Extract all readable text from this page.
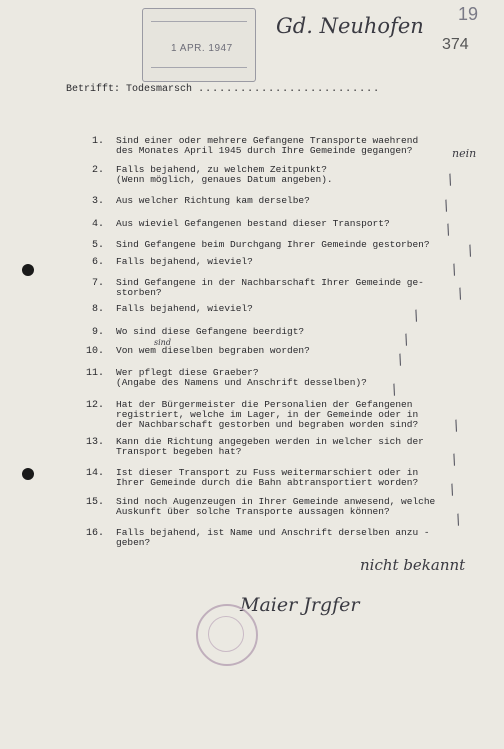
1 APR. 1947
Gd. Neuhofen 19
374
Betrifft: Todesmarsch ..........................
1. Sind einer oder mehrere Gefangene Transporte waehrend
des Monates April 1945 durch Ihre Gemeinde gegangen?
2. Falls bejahend, zu welchem Zeitpunkt?
(Wenn möglich, genaues Datum angeben).
3. Aus welcher Richtung kam derselbe?
4. Aus wieviel Gefangenen bestand dieser Transport?
5. Sind Gefangene beim Durchgang Ihrer Gemeinde gestorben?
6. Falls bejahend, wieviel?
7. Sind Gefangene in der Nachbarschaft Ihrer Gemeinde ge-
storben?
8. Falls bejahend, wieviel?
9. Wo sind diese Gefangene beerdigt?
10. Von wem dieselben begraben worden?
11. Wer pflegt diese Graeber?
(Angabe des Namens und Anschrift desselben)?
12. Hat der Bürgermeister die Personalien der Gefangenen
registriert, welche im Lager, in der Gemeinde oder in
der Nachbarschaft gestorben und begraben worden sind?
13. Kann die Richtung angegeben werden in welcher sich der
Transport begeben hat?
14. Ist dieser Transport zu Fuss weitermarschiert oder in
Ihrer Gemeinde durch die Bahn abtransportiert worden?
15. Sind noch Augenzeugen in Ihrer Gemeinde anwesend, welche
Auskunft über solche Transporte aussagen können?
16. Falls bejahend, ist Name und Anschrift derselben anzu -
geben?
nein
sind
nicht bekannt
Maier Jrgfer
/
/
/
/
/
/
/
/
/
/
/
/
/
/
